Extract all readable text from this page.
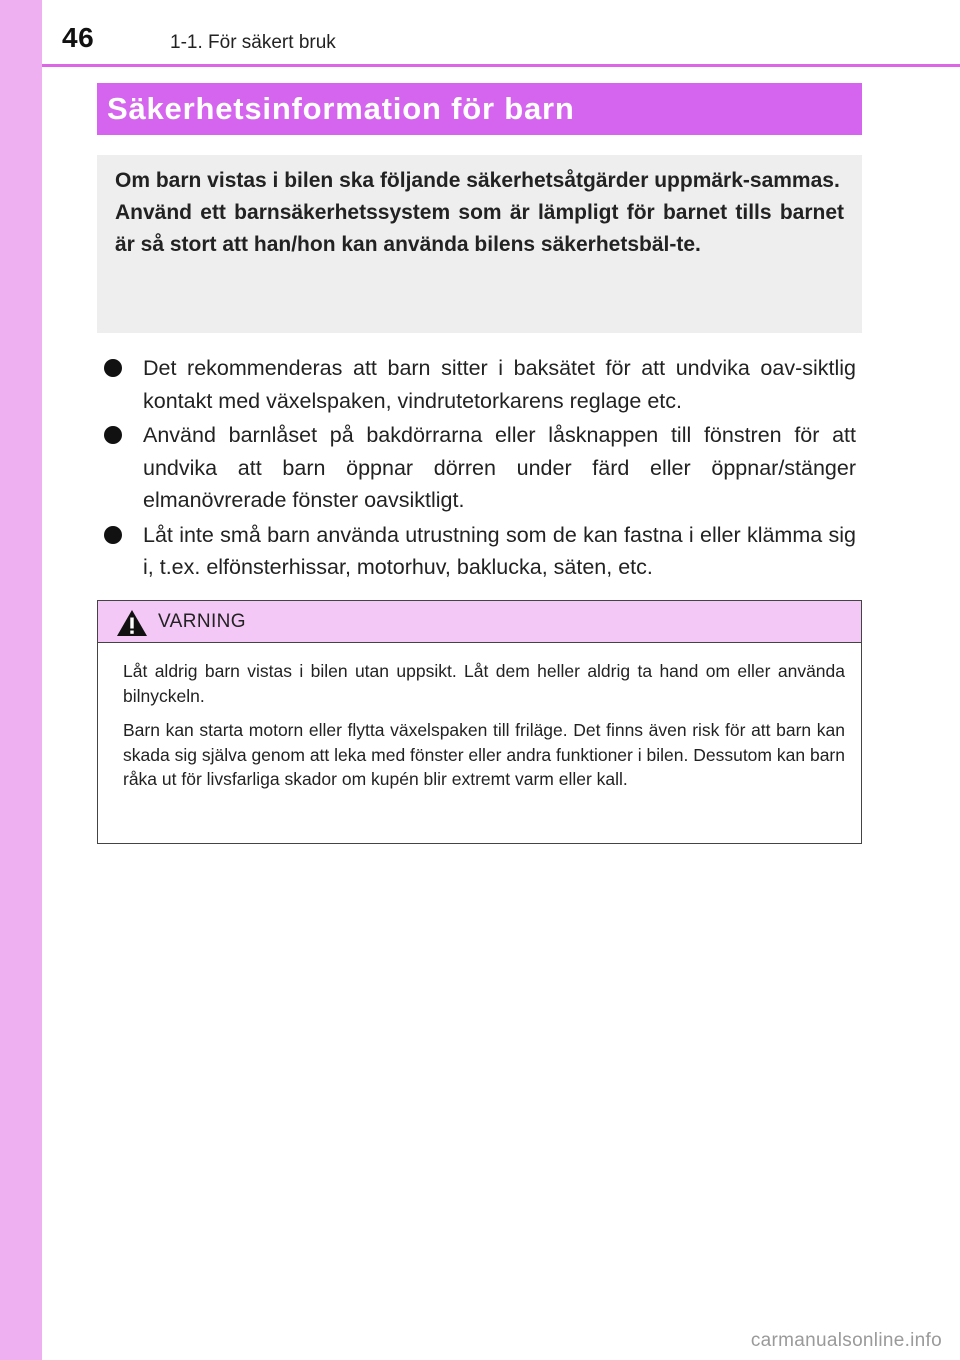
46	1-1. För säkert bruk
Säkerhetsinformation för barn

Om barn vistas i bilen ska följande säkerhetsåtgärder uppmärk-sammas.

Använd ett barnsäkerhetssystem som är lämpligt för barnet tills barnet är så stort att han/hon kan använda bilens säkerhetsbäl-te.

Det rekommenderas att barn sitter i baksätet för att undvika oav-siktlig kontakt med växelspaken, vindrutetorkarens reglage etc.
Använd barnlåset på bakdörrarna eller låsknappen till fönstren för att undvika att barn öppnar dörren under färd eller öppnar/stänger elmanövrerade fönster oavsiktligt.
Låt inte små barn använda utrustning som de kan fastna i eller klämma sig i, t.ex. elfönsterhissar, motorhuv, baklucka, säten, etc.
VARNING

Låt aldrig barn vistas i bilen utan uppsikt. Låt dem heller aldrig ta hand om eller använda bilnyckeln.

Barn kan starta motorn eller flytta växelspaken till friläge. Det finns även risk för att barn kan skada sig själva genom att leka med fönster eller andra funktioner i bilen. Dessutom kan barn råka ut för livsfarliga skador om kupén blir extremt varm eller kall.

carmanualsonline.info
